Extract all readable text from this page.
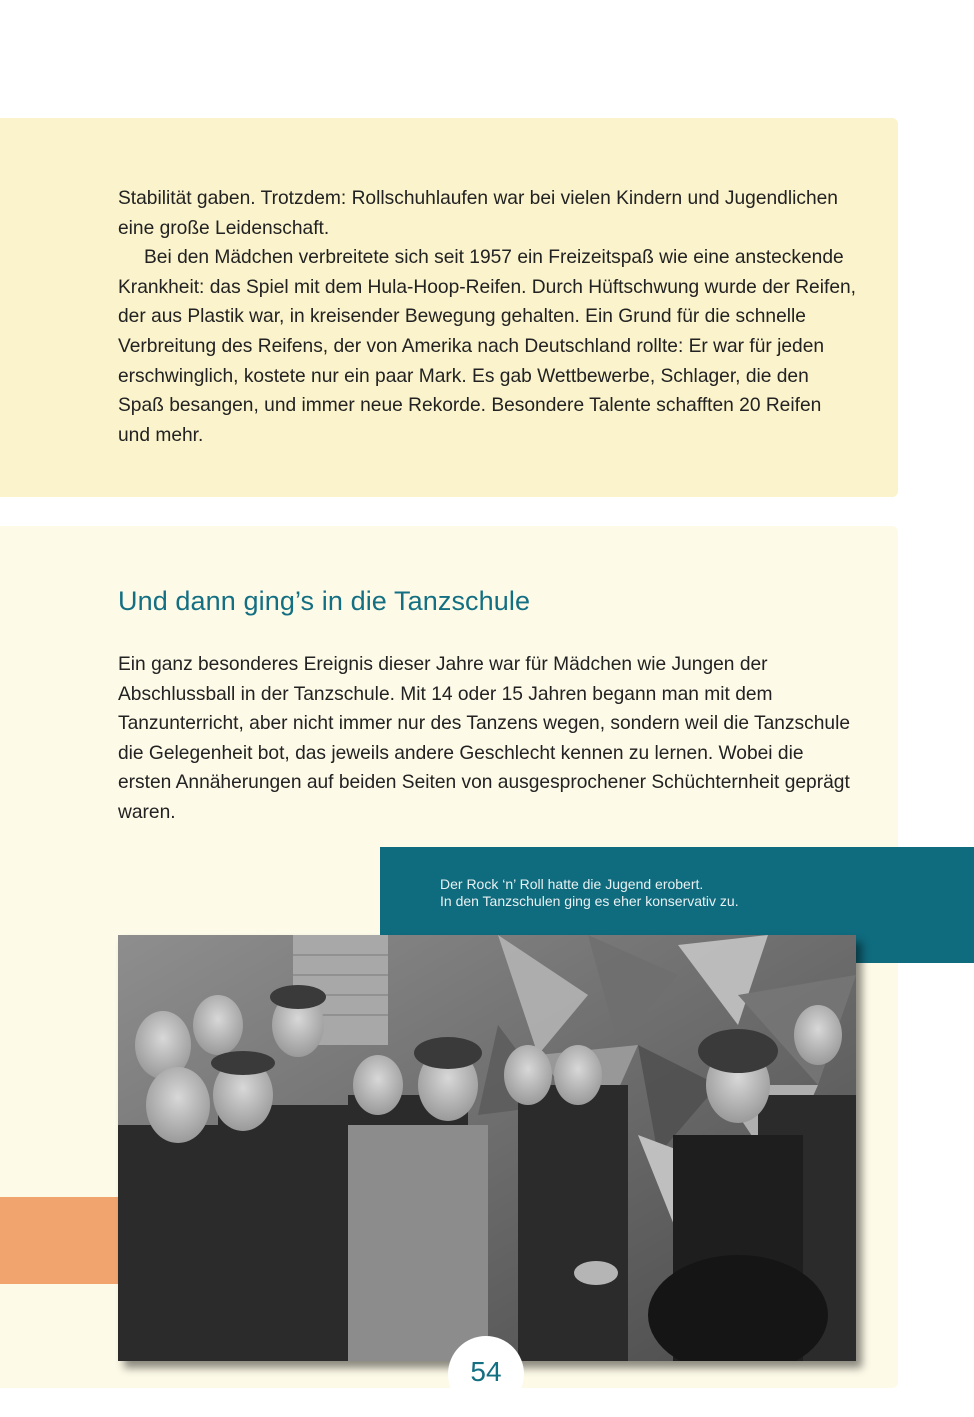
Stabilität gaben. Trotzdem: Rollschuhlaufen war bei vielen Kindern und Jugendlichen eine große Leidenschaft.

Bei den Mädchen verbreitete sich seit 1957 ein Freizeitspaß wie eine ansteckende Krankheit: das Spiel mit dem Hula-Hoop-Reifen. Durch Hüftschwung wurde der Reifen, der aus Plastik war, in kreisender Bewegung gehalten. Ein Grund für die schnelle Verbreitung des Reifens, der von Amerika nach Deutschland rollte: Er war für jeden erschwinglich, kostete nur ein paar Mark. Es gab Wettbewerbe, Schlager, die den Spaß besangen, und immer neue Rekorde. Besondere Talente schafften 20 Reifen und mehr.

Und dann ging’s in die Tanzschule

Ein ganz besonderes Ereignis dieser Jahre war für Mädchen wie Jungen der Abschlussball in der Tanzschule. Mit 14 oder 15 Jahren begann man mit dem Tanzunterricht, aber nicht immer nur des Tanzens wegen, sondern weil die Tanzschule die Gelegenheit bot, das jeweils andere Geschlecht kennen zu lernen. Wobei die ersten Annäherungen auf beiden Seiten von ausgesprochener Schüchternheit geprägt waren.

Der Rock ‘n’ Roll hatte die Jugend erobert.
In den Tanzschulen ging es eher konservativ zu.

54
